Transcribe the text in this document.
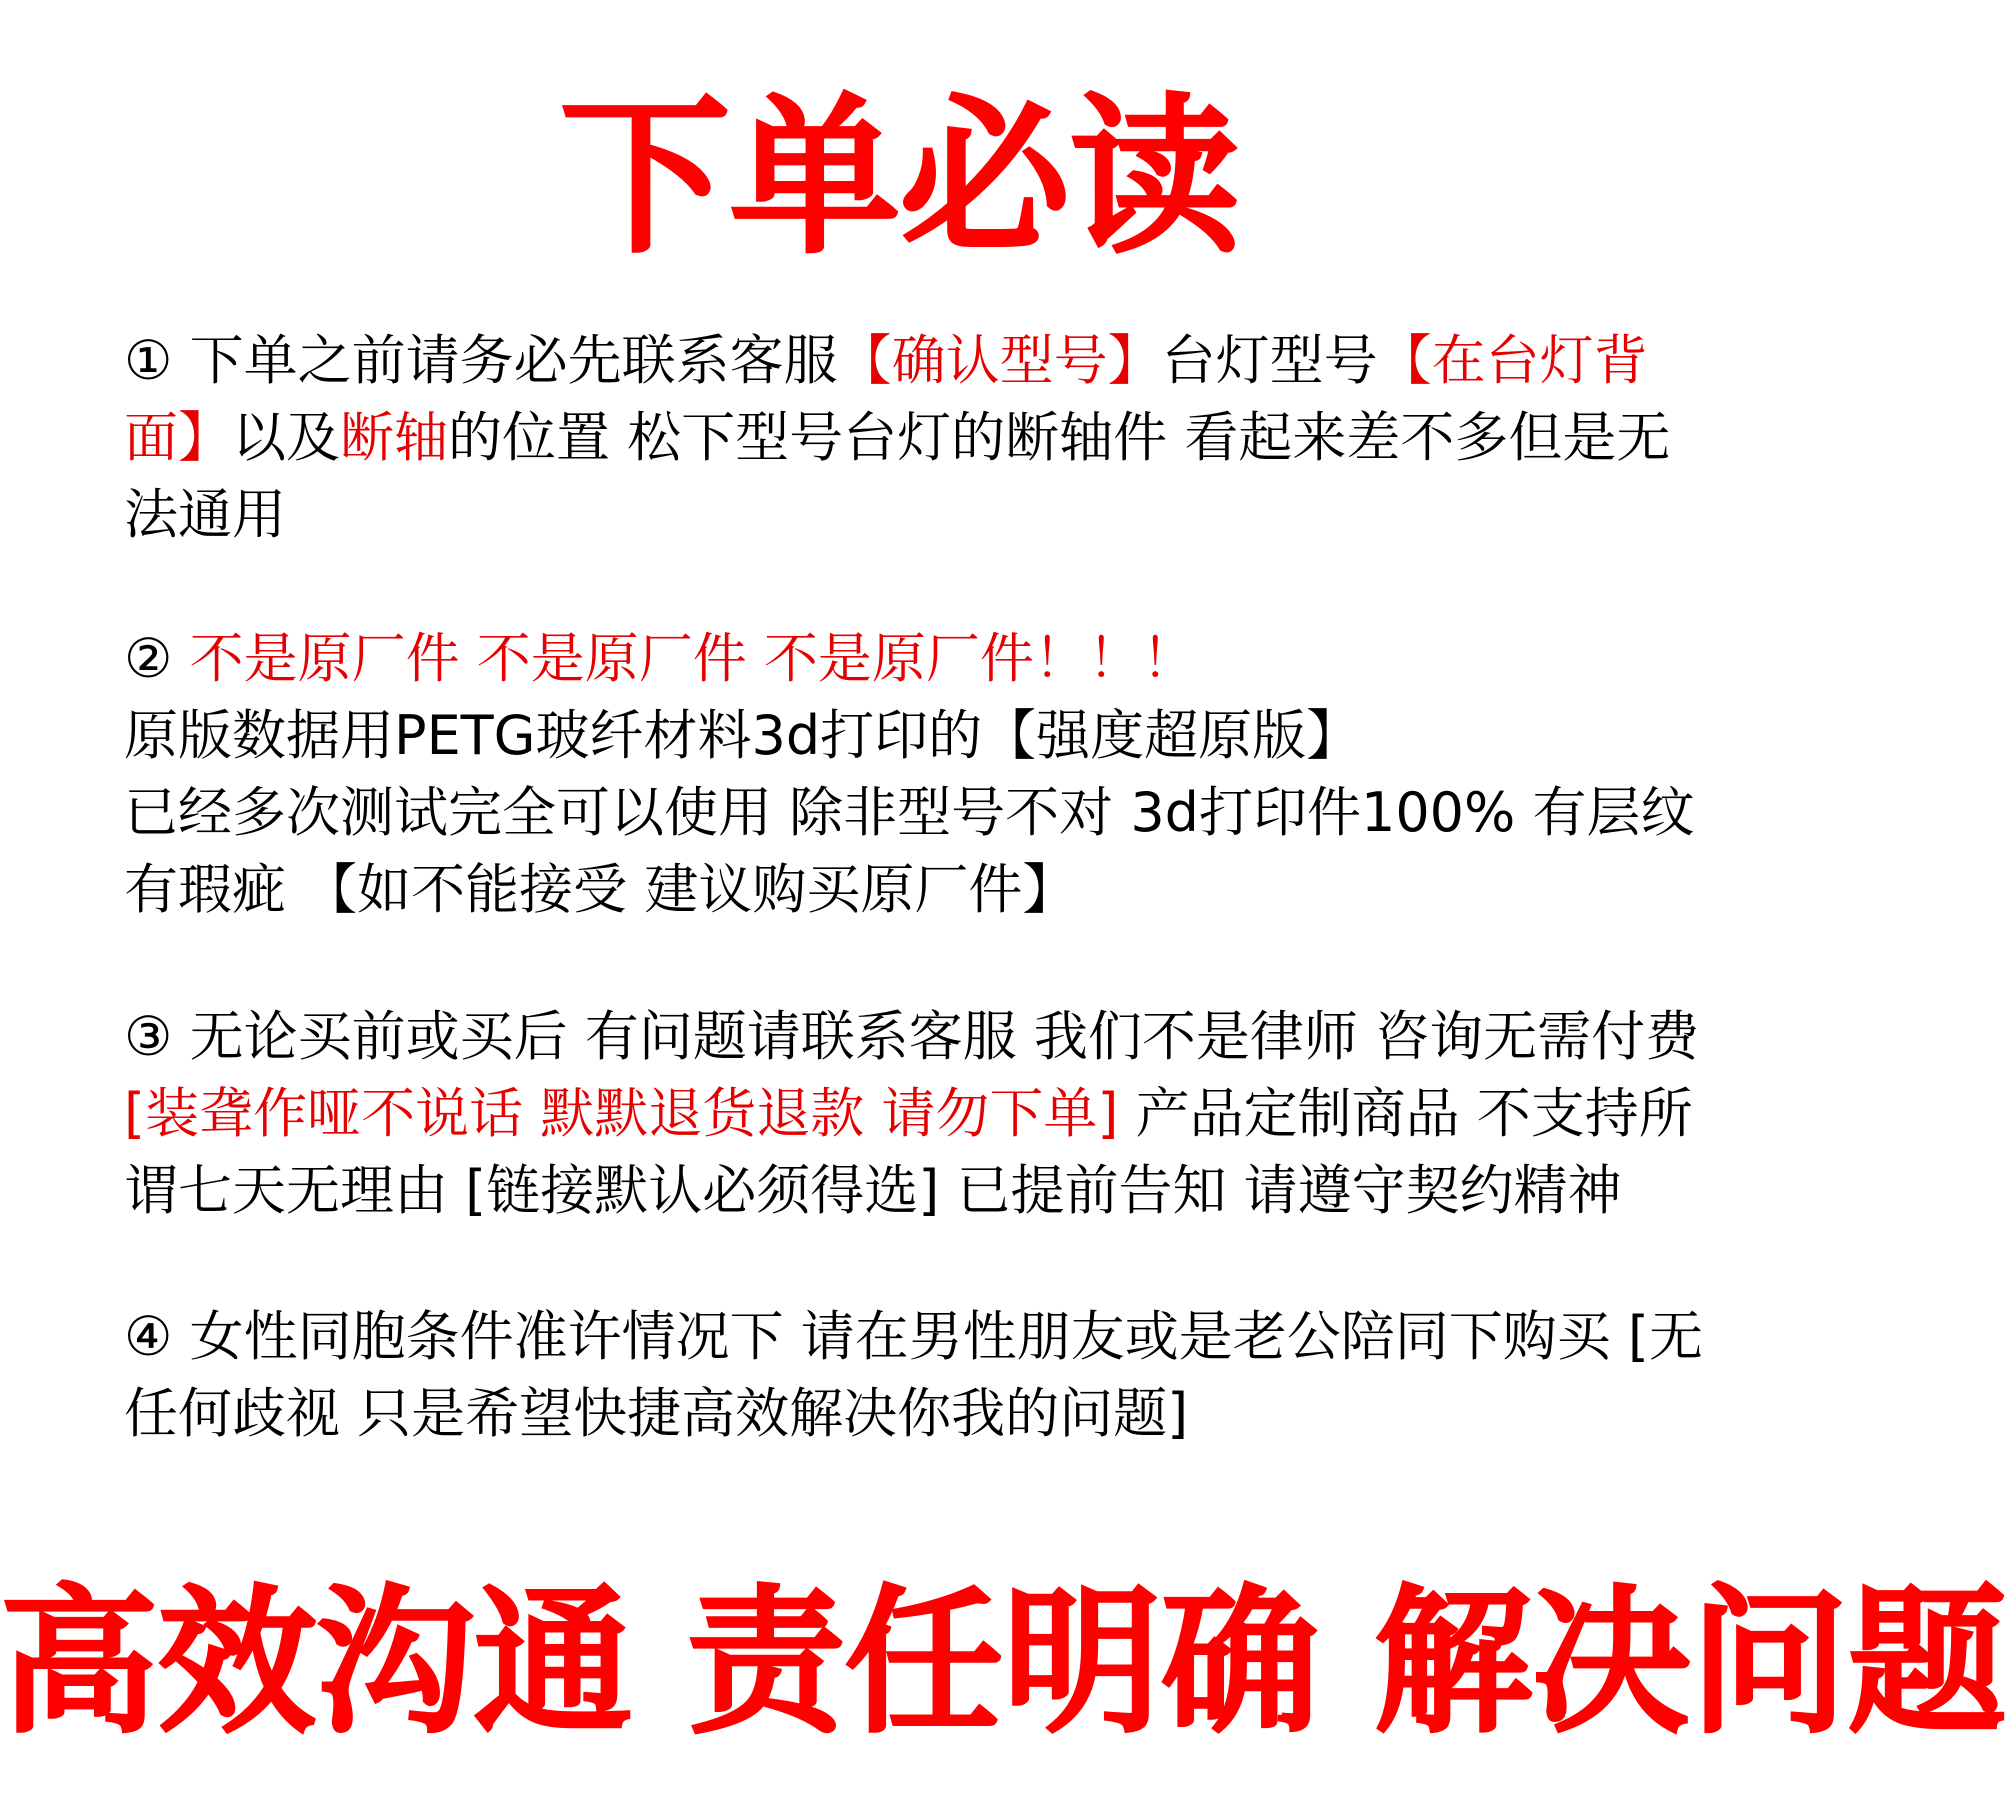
下单必读
① 下单之前请务必先联系客服【确认型号】台灯型号【在台灯背面】以及断轴的位置 松下型号台灯的断轴件 看起来差不多但是无法通用
② 不是原厂件 不是原厂件 不是原厂件！！！
原版数据用PETG玻纤材料3d打印的【强度超原版】
已经多次测试完全可以使用 除非型号不对 3d打印件100% 有层纹有瑕疵 【如不能接受 建议购买原厂件】
③ 无论买前或买后 有问题请联系客服 我们不是律师 咨询无需付费
[装聋作哑不说话 默默退货退款 请勿下单] 产品定制商品 不支持所谓七天无理由 [链接默认必须得选] 已提前告知 请遵守契约精神
④ 女性同胞条件准许情况下 请在男性朋友或是老公陪同下购买 [无任何歧视 只是希望快捷高效解决你我的问题]
高效沟通 责任明确 解决问题
